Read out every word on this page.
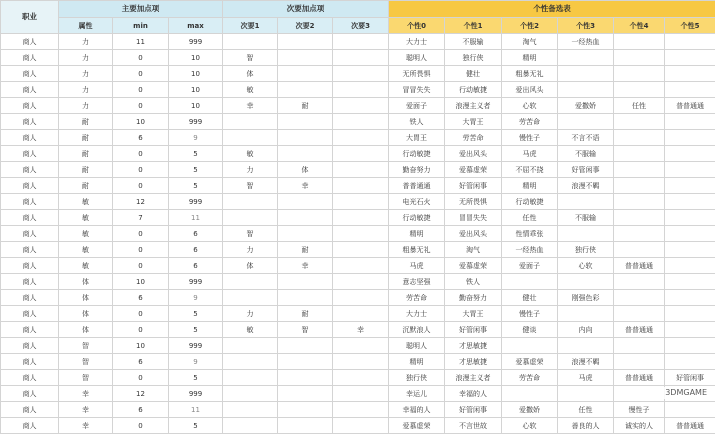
职业	主要加点项			次要加点项			个性备选表					
	属性	min	max	次要1	次要2	次要3	个性0	个性1	个性2	个性3	个性4	个性5
商人	力	11	999				大力士	不服输	淘气	一经热血		
商人	力	0	10	智			聪明人	独行侠	精明			
商人	力	0	10	体			无所畏惧	健壮	粗暴无礼			
商人	力	0	10	敏			冒冒失失	行动敏捷	爱出风头			
商人	力	0	10	幸	耐		爱面子	浪漫主义者	心软	爱撒娇	任性	普普通通
商人	耐	10	999				铁人	大胃王	劳苦命			
商人	耐	6	9				大胃王	劳苦命	慢性子	不言不语		
商人	耐	0	5	敏			行动敏捷	爱出风头	马虎	不服输		
商人	耐	0	5	力	体		勤奋努力	爱慕虚荣	不屈不挠	好管闲事		
商人	耐	0	5	智	幸		普普通通	好管闲事	精明	浪漫不羁		
商人	敏	12	999				电光石火	无所畏惧	行动敏捷			
商人	敏	7	11				行动敏捷	冒冒失失	任性	不服输		
商人	敏	0	6	智			精明	爱出风头	性情乖张			
商人	敏	0	6	力	耐		粗暴无礼	淘气	一经热血	独行侠		
商人	敏	0	6	体	幸		马虎	爱慕虚荣	爱面子	心软	普普通通	
商人	体	10	999				意志坚强	铁人				
商人	体	6	9				劳苦命	勤奋努力	健壮	刚强色彩		
商人	体	0	5	力	耐		大力士	大胃王	慢性子			
商人	体	0	5	敏	智	幸	沉默浪人	好管闲事	健谈	内向	普普通通	
商人	智	10	999				聪明人	才思敏捷				
商人	智	6	9				精明	才思敏捷	爱慕虚荣	浪漫不羁		
商人	智	0	5				独行侠	浪漫主义者	劳苦命	马虎	普普通通	好管闲事
商人	幸	12	999				幸运儿	幸福的人				
商人	幸	6	11				幸福的人	好管闲事	爱撒娇	任性	慢性子	
商人	幸	0	5				爱慕虚荣	不言世故	心软	善良的人	诚实的人	普普通通
3DMGAME
